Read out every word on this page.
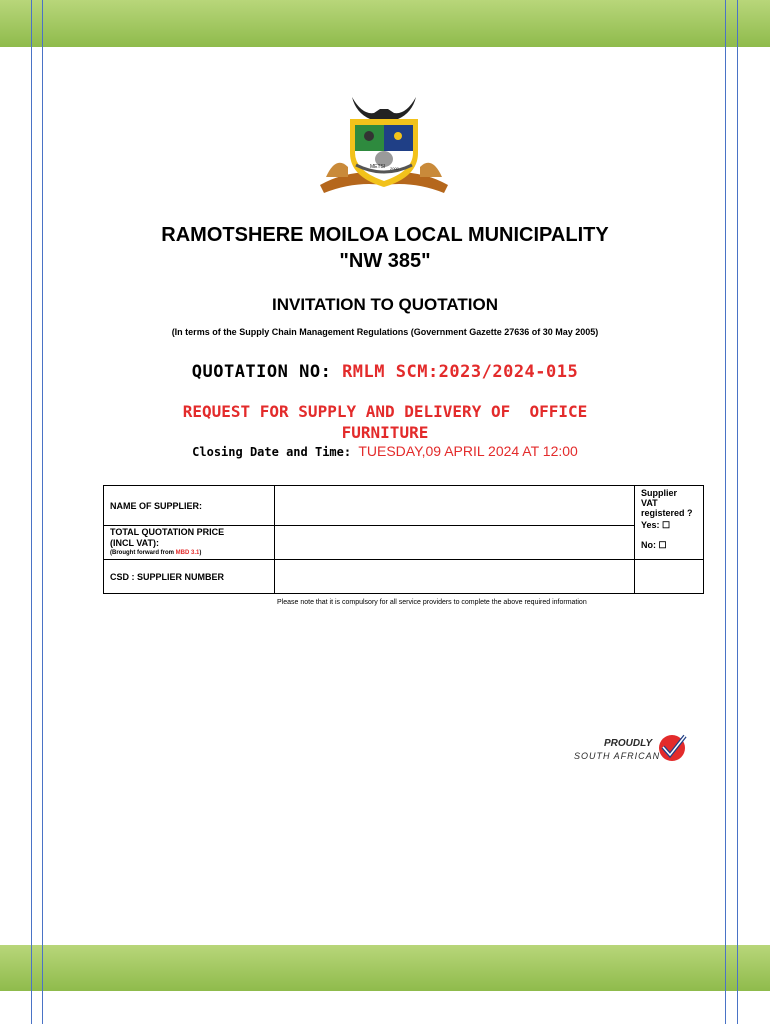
METSI 2000
RAMOTSHERE MOILOA LOCAL MUNICIPALITY
"NW 385"
INVITATION TO QUOTATION
(In terms of the Supply Chain Management Regulations (Government Gazette 27636 of 30 May 2005)
QUOTATION NO: RMLM SCM:2023/2024-015
REQUEST FOR SUPPLY AND DELIVERY OF  OFFICE
FURNITURE
Closing Date and Time: TUESDAY,09 APRIL 2024 AT 12:00
NAME OF SUPPLIER:		Supplier VAT registered ?
Yes: ☐
No: ☐

TOTAL QUOTATION PRICE
(INCL VAT):
(Brought forward from MBD 3.1)		

CSD : SUPPLIER NUMBER		
Please note that it is compulsory for all service providers to complete the above required information
PROUDLY
SOUTH AFRICAN
